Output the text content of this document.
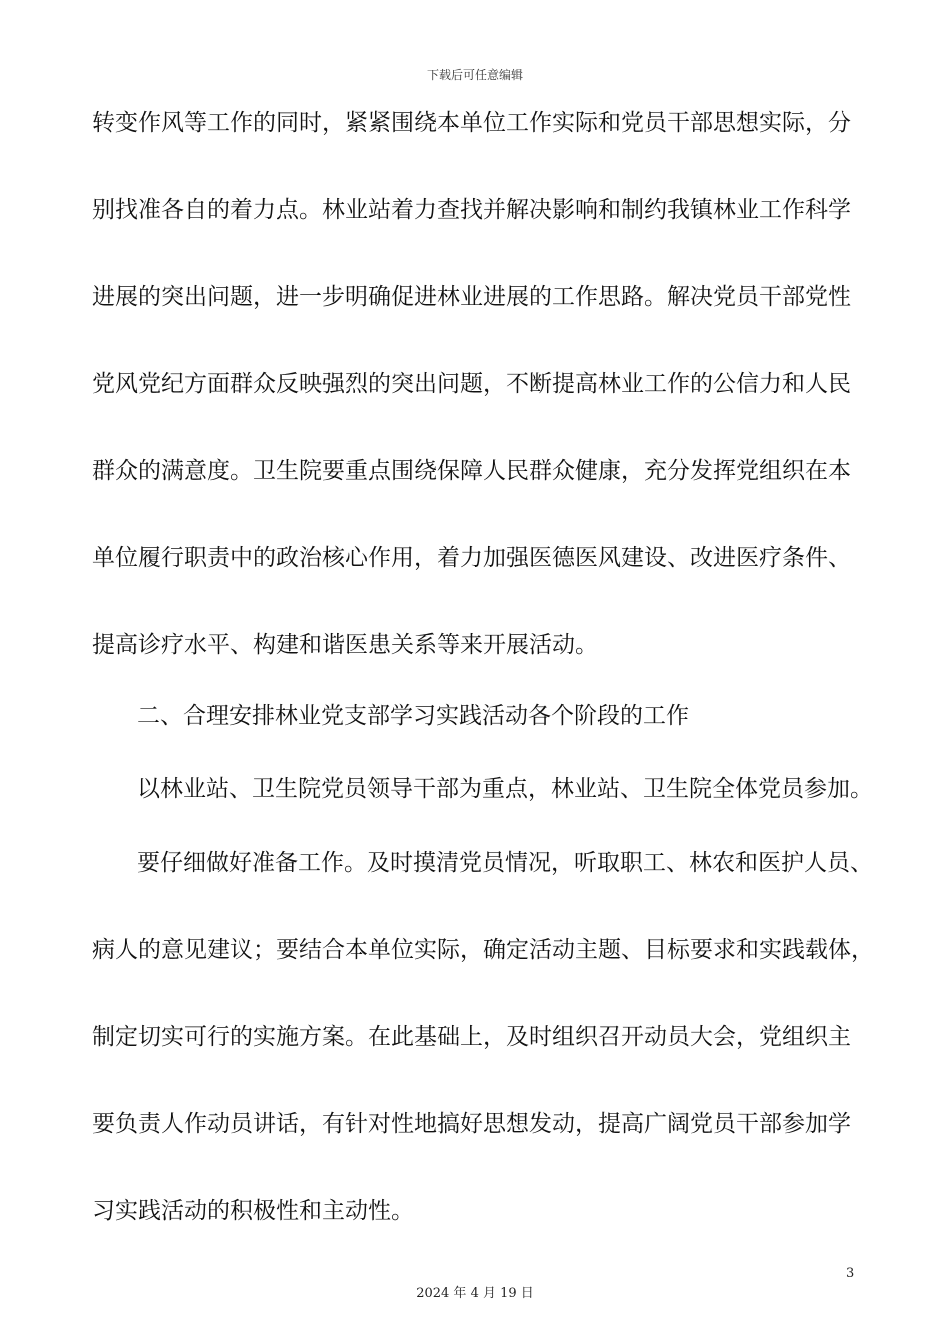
下载后可任意编辑
转变作风等工作的同时，紧紧围绕本单位工作实际和党员干部思想实际，分
别找准各自的着力点。林业站着力查找并解决影响和制约我镇林业工作科学
进展的突出问题，进一步明确促进林业进展的工作思路。解决党员干部党性
党风党纪方面群众反映强烈的突出问题，不断提高林业工作的公信力和人民
群众的满意度。卫生院要重点围绕保障人民群众健康，充分发挥党组织在本
单位履行职责中的政治核心作用，着力加强医德医风建设、改进医疗条件、
提高诊疗水平、构建和谐医患关系等来开展活动。
二、合理安排林业党支部学习实践活动各个阶段的工作
以林业站、卫生院党员领导干部为重点，林业站、卫生院全体党员参加。
要仔细做好准备工作。及时摸清党员情况，听取职工、林农和医护人员、
病人的意见建议；要结合本单位实际，确定活动主题、目标要求和实践载体，
制定切实可行的实施方案。在此基础上，及时组织召开动员大会，党组织主
要负责人作动员讲话，有针对性地搞好思想发动，提高广阔党员干部参加学
习实践活动的积极性和主动性。
3
2024 年 4 月 19 日
